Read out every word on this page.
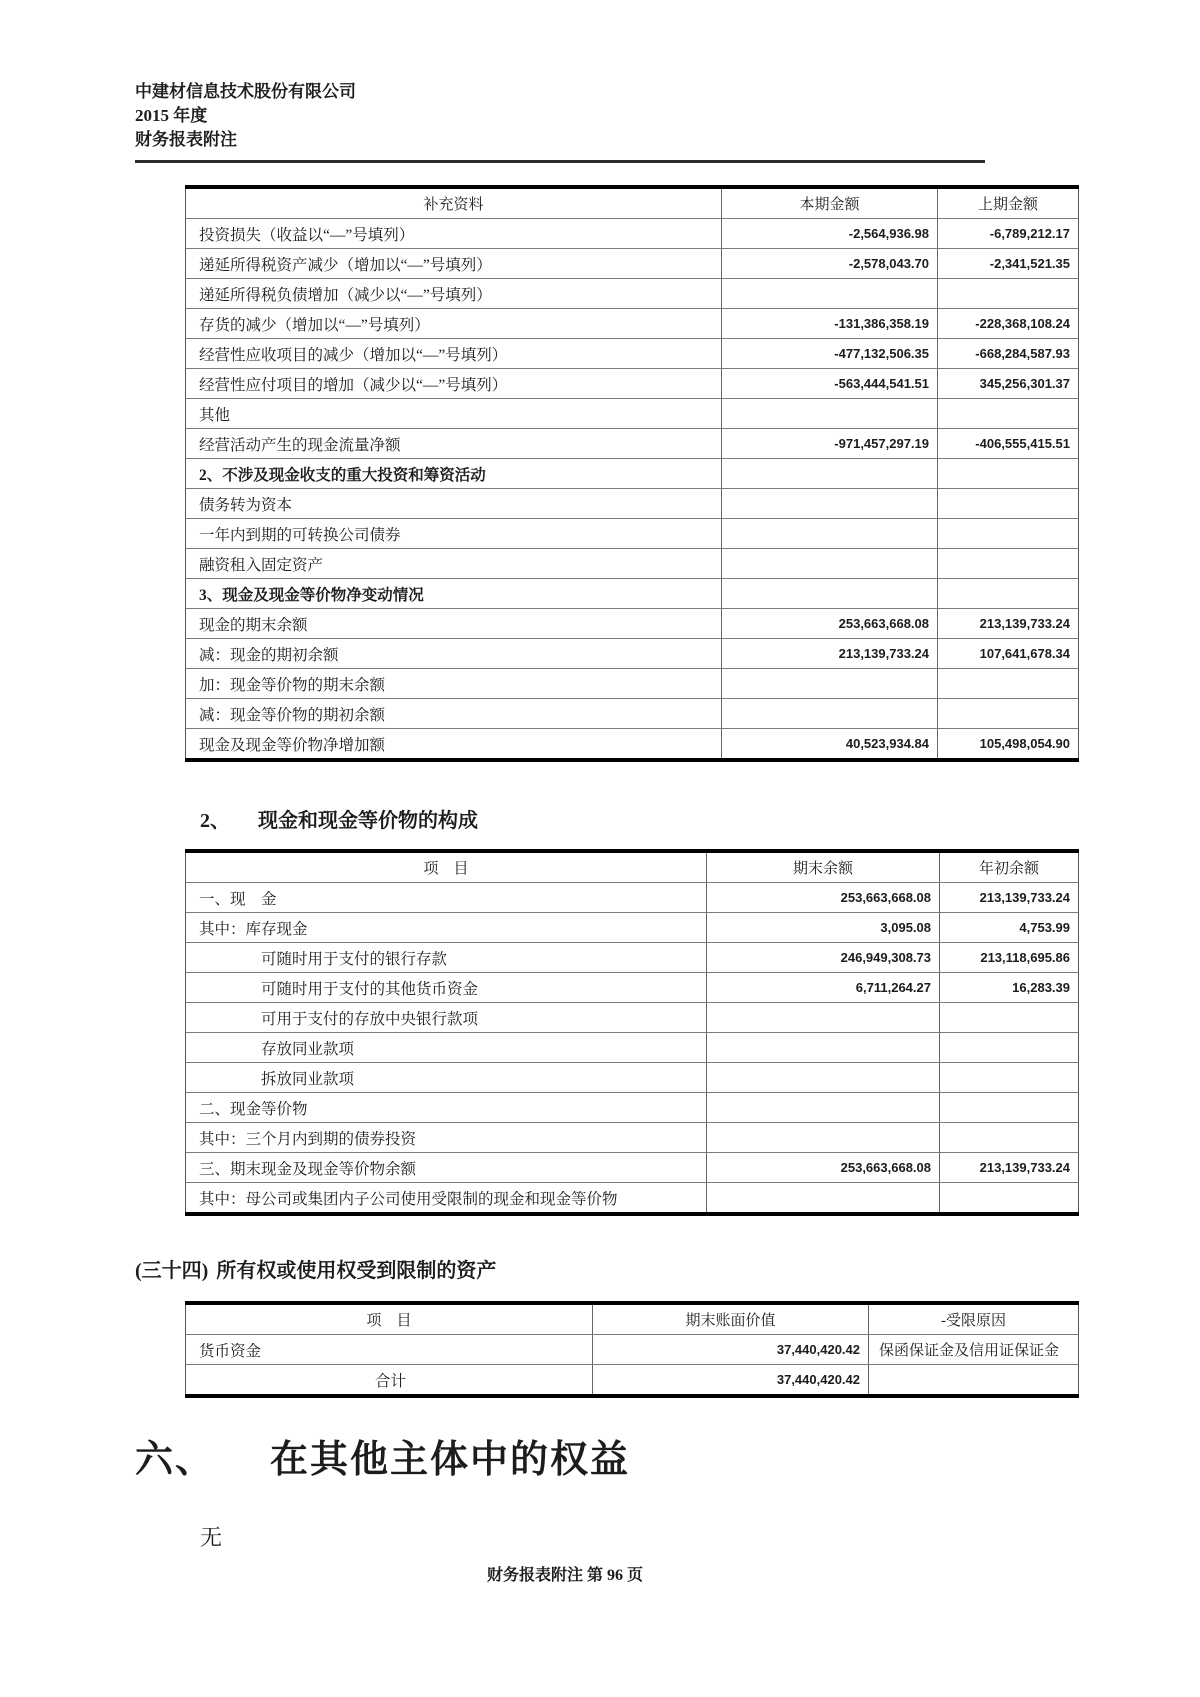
中建材信息技术股份有限公司
2015 年度
财务报表附注
补充资料	本期金额	上期金额
投资损失（收益以“—”号填列）	-2,564,936.98	-6,789,212.17
递延所得税资产减少（增加以“—”号填列）	-2,578,043.70	-2,341,521.35
递延所得税负债增加（减少以“—”号填列）		
存货的减少（增加以“—”号填列）	-131,386,358.19	-228,368,108.24
经营性应收项目的减少（增加以“—”号填列）	-477,132,506.35	-668,284,587.93
经营性应付项目的增加（减少以“—”号填列）	-563,444,541.51	345,256,301.37
其他		
经营活动产生的现金流量净额	-971,457,297.19	-406,555,415.51
2、不涉及现金收支的重大投资和筹资活动		
债务转为资本		
一年内到期的可转换公司债券		
融资租入固定资产		
3、现金及现金等价物净变动情况		
现金的期末余额	253,663,668.08	213,139,733.24
减：现金的期初余额	213,139,733.24	107,641,678.34
加：现金等价物的期末余额		
减：现金等价物的期初余额		
现金及现金等价物净增加额	40,523,934.84	105,498,054.90
2、 现金和现金等价物的构成
项　目	期末余额	年初余额
一、现　金	253,663,668.08	213,139,733.24
其中：库存现金	3,095.08	4,753.99
可随时用于支付的银行存款	246,949,308.73	213,118,695.86
可随时用于支付的其他货币资金	6,711,264.27	16,283.39
可用于支付的存放中央银行款项		
存放同业款项		
拆放同业款项		
二、现金等价物		
其中：三个月内到期的债券投资		
三、期末现金及现金等价物余额	253,663,668.08	213,139,733.24
其中：母公司或集团内子公司使用受限制的现金和现金等价物		
(三十四) 所有权或使用权受到限制的资产
项　目	期末账面价值	-受限原因
货币资金	37,440,420.42	保函保证金及信用证保证金
合计	37,440,420.42	
六、 在其他主体中的权益
无
财务报表附注 第 96 页
